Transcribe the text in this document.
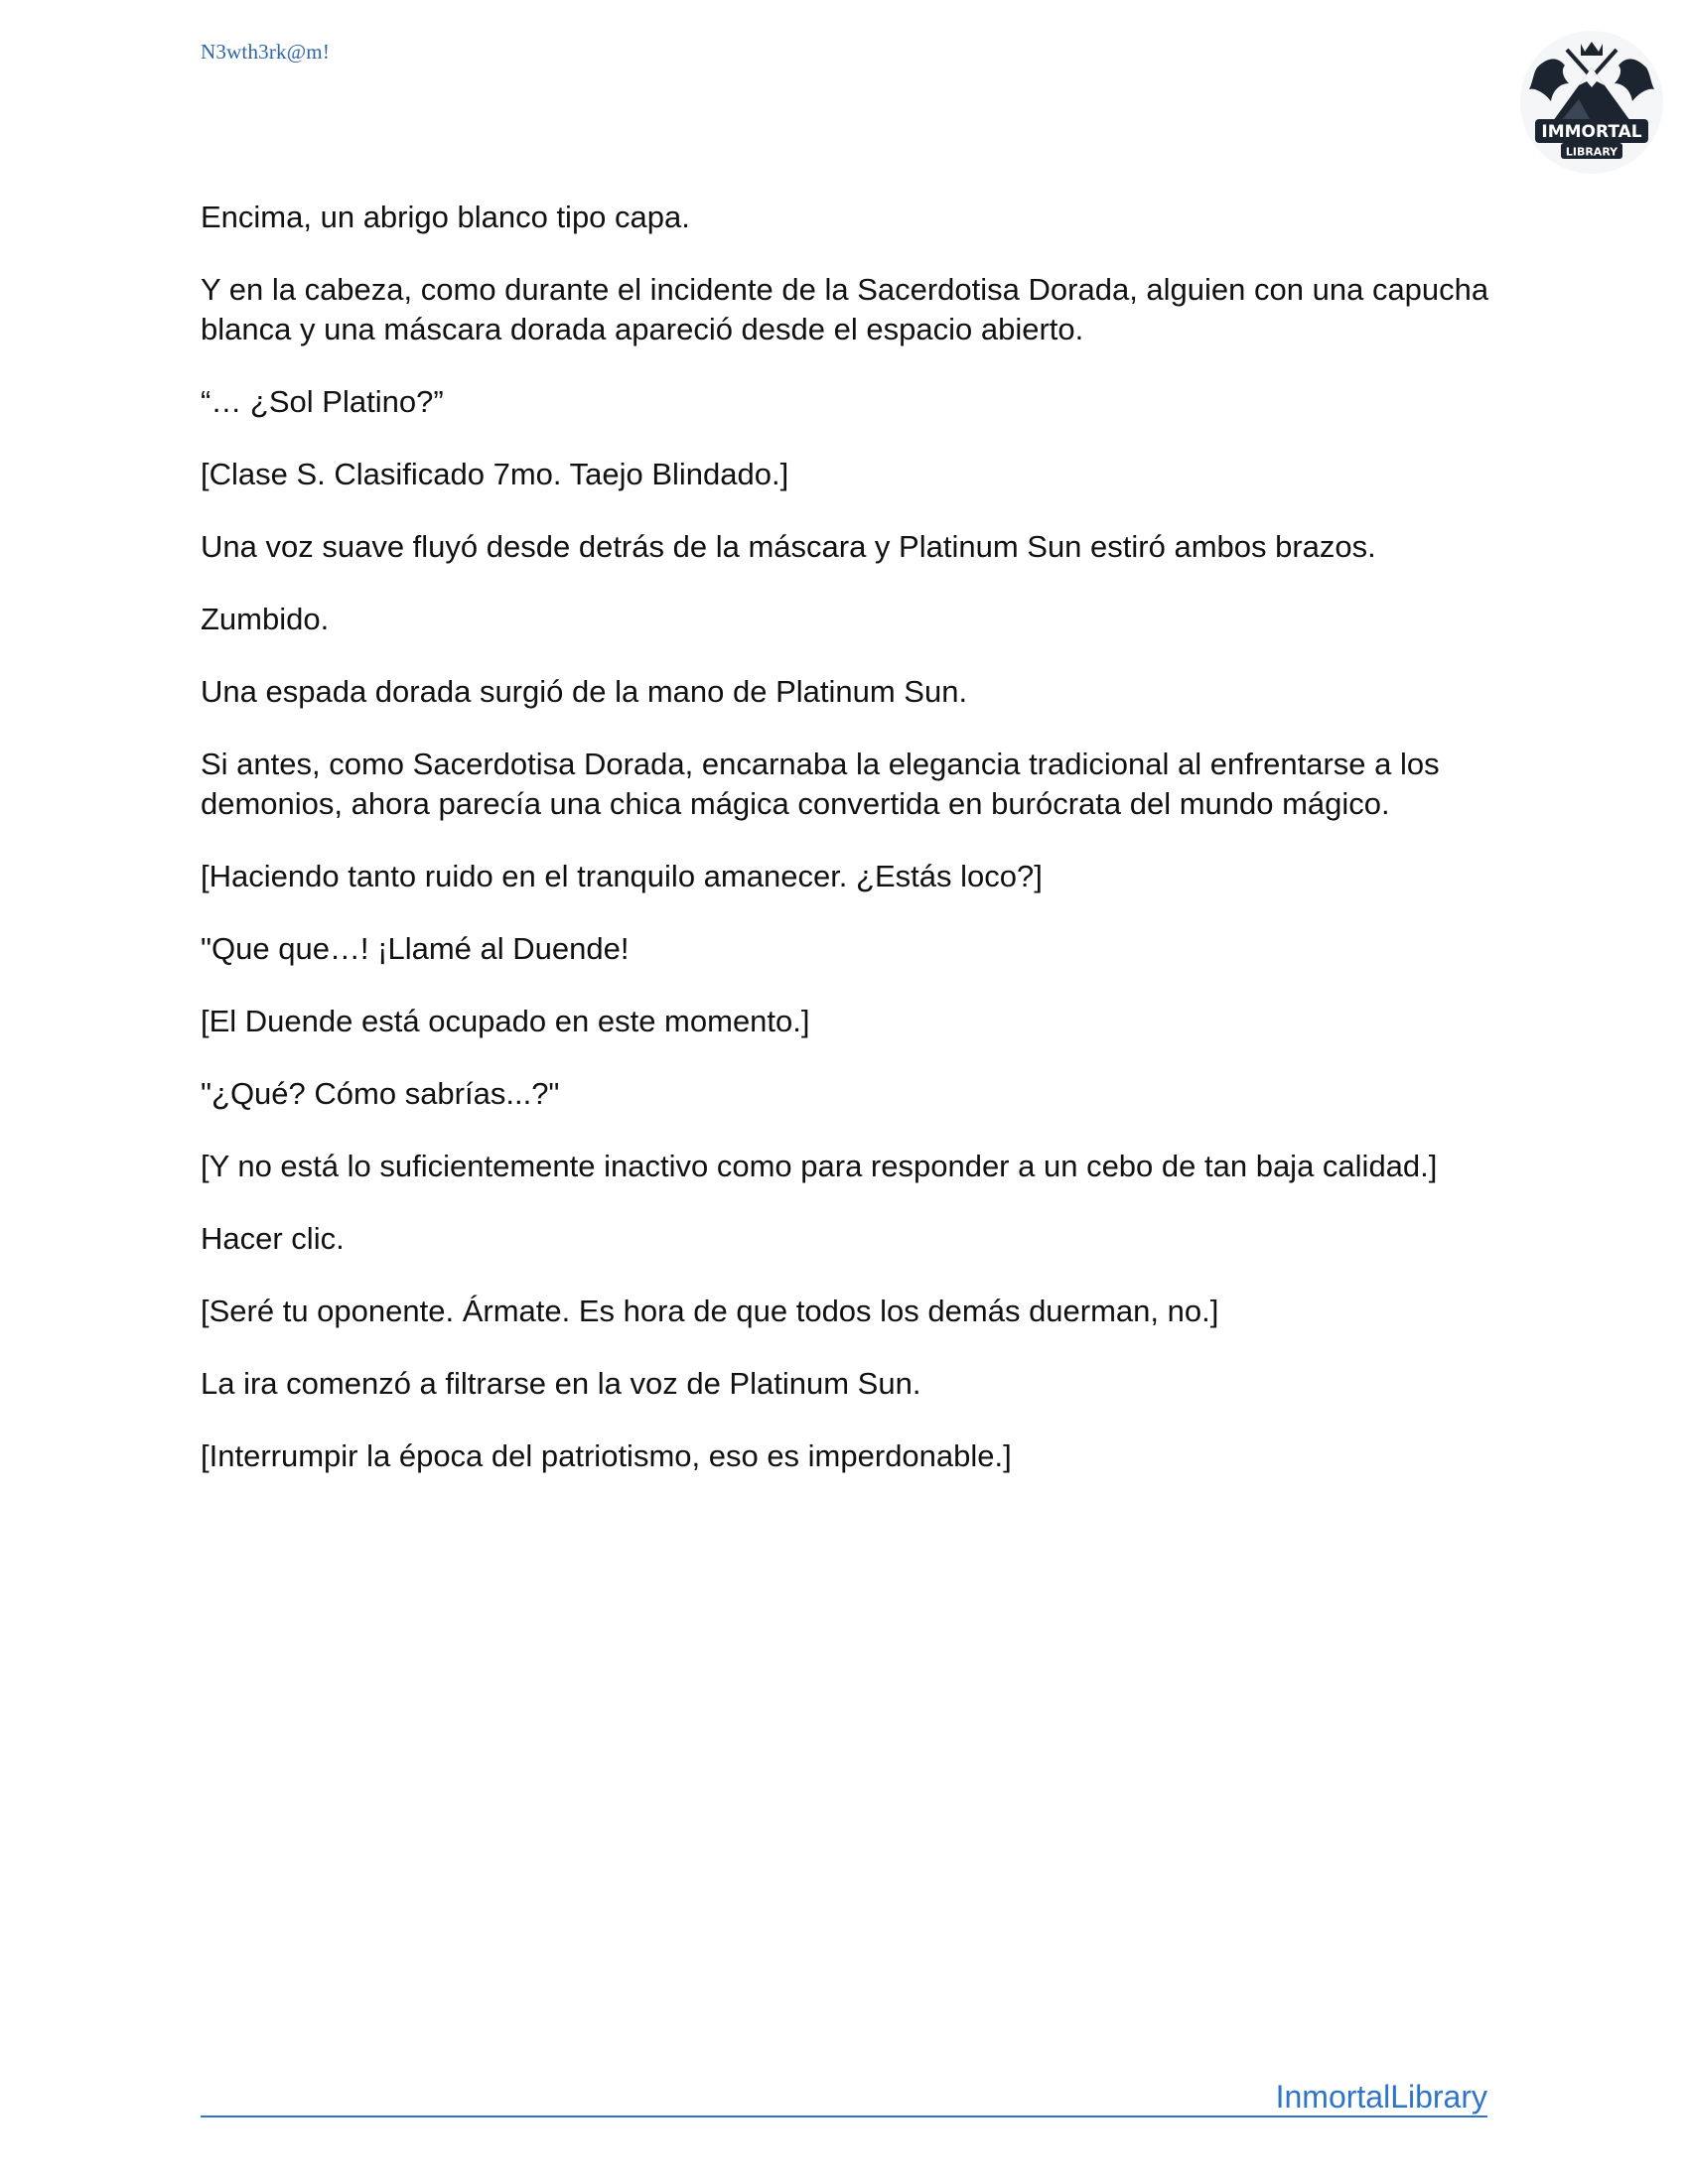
N3wth3rk@m!
IMMORTAL
LIBRARY

Encima, un abrigo blanco tipo capa.

Y en la cabeza, como durante el incidente de la Sacerdotisa Dorada, alguien con una capucha blanca y una máscara dorada apareció desde el espacio abierto.

“… ¿Sol Platino?”

[Clase S. Clasificado 7mo. Taejo Blindado.]

Una voz suave fluyó desde detrás de la máscara y Platinum Sun estiró ambos brazos.

Zumbido.

Una espada dorada surgió de la mano de Platinum Sun.

Si antes, como Sacerdotisa Dorada, encarnaba la elegancia tradicional al enfrentarse a los demonios, ahora parecía una chica mágica convertida en burócrata del mundo mágico.

[Haciendo tanto ruido en el tranquilo amanecer. ¿Estás loco?]

"Que que…! ¡Llamé al Duende!

[El Duende está ocupado en este momento.]

"¿Qué? Cómo sabrías...?"

[Y no está lo suficientemente inactivo como para responder a un cebo de tan baja calidad.]

Hacer clic.

[Seré tu oponente. Ármate. Es hora de que todos los demás duerman, no.]

La ira comenzó a filtrarse en la voz de Platinum Sun.

[Interrumpir la época del patriotismo, eso es imperdonable.]

InmortalLibrary
